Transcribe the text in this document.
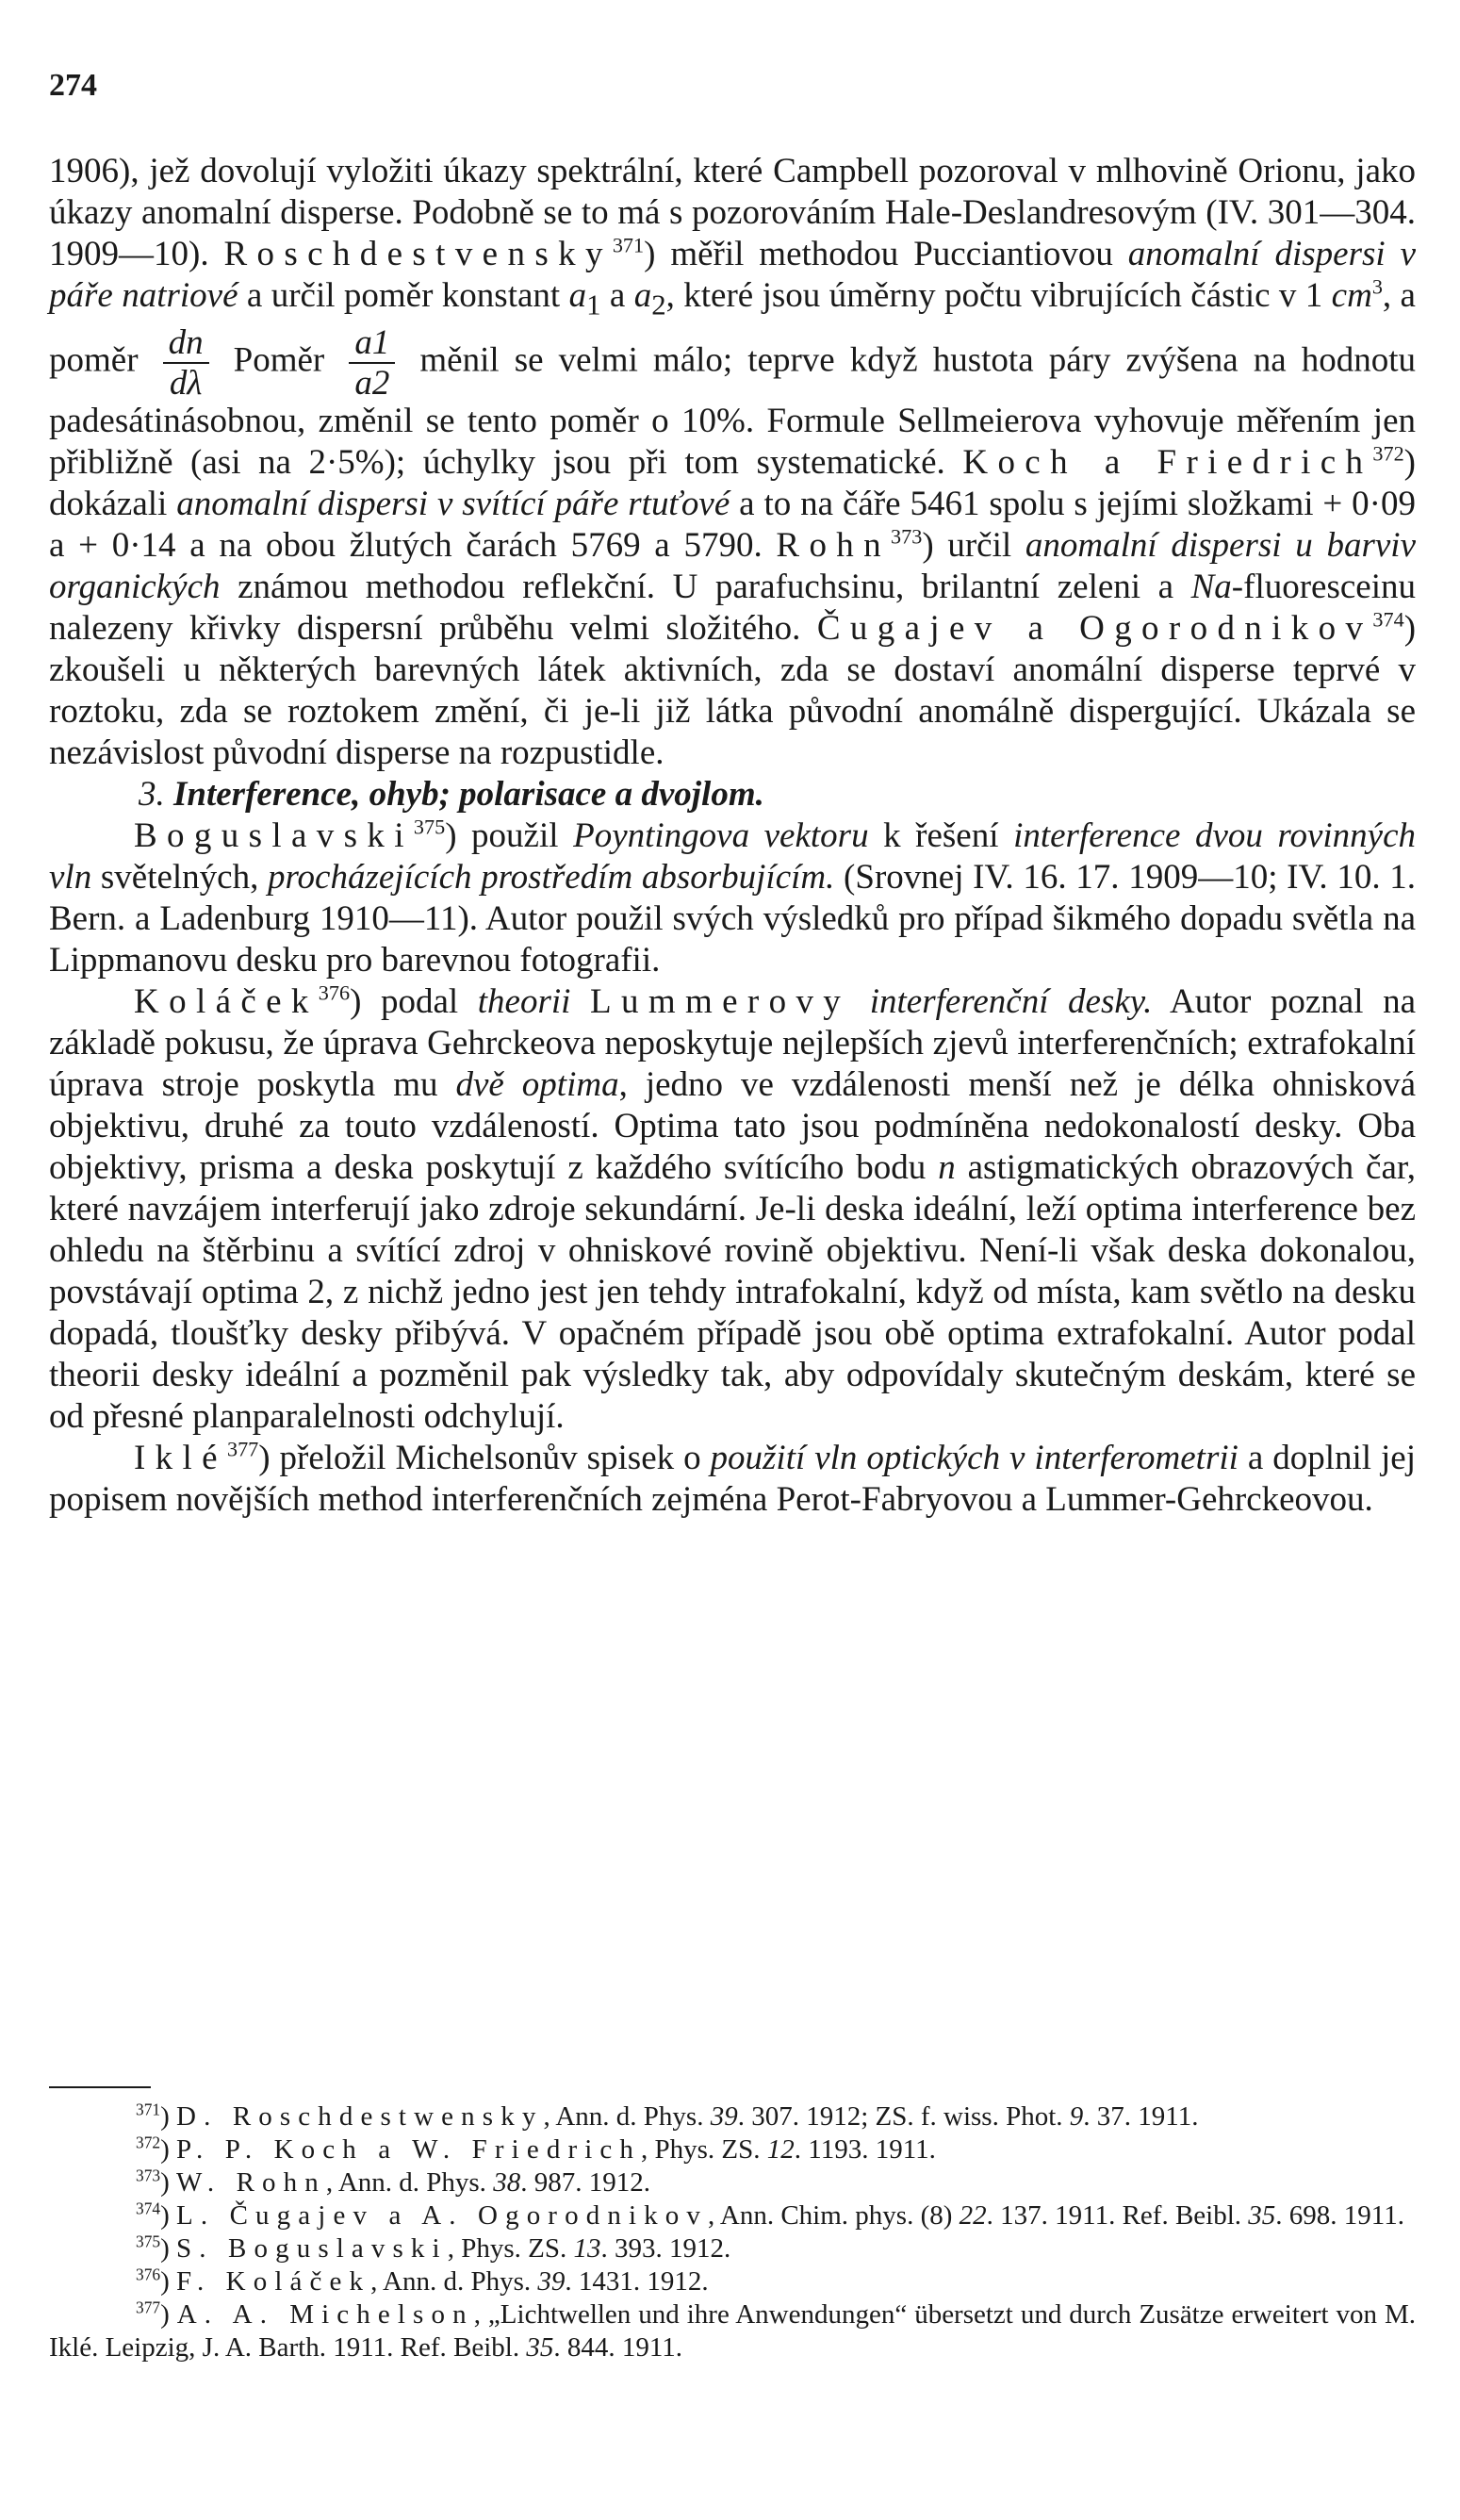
274

1906), jež dovolují vyložiti úkazy spektrální, které Campbell pozoroval v mlhovině Orionu, jako úkazy anomalní disperse. Podobně se to má s pozorováním Hale-Deslandresovým (IV. 301—304. 1909—10). Roschdestvensky$^{371}$) měřil methodou Pucciantiovou anomalní dispersi v páře natriové a určil poměr konstant $a_1$ a $a_2$, které jsou úměrny počtu vibrujících částic v 1 $cm^3$, a poměr $\frac{dn}{d\lambda}$ Poměr $\frac{a1}{a2}$ měnil se velmi málo; teprve když hustota páry zvýšena na hodnotu padesátinásobnou, změnil se tento poměr o 10%. Formule Sellmeierova vyhovuje měřením jen přibližně (asi na 2·5%); úchylky jsou při tom systematické. Koch a Friedrich$^{372}$) dokázali anomalní dispersi v svítící páře rtuťové a to na čáře 5461 spolu s jejími složkami + 0·09 a + 0·14 a na obou žlutých čarách 5769 a 5790. Rohn$^{373}$) určil anomalní dispersi u barviv organických známou methodou reflekční. U parafuchsinu, brilantní zeleni a Na-fluoresceinu nalezeny křivky dispersní průběhu velmi složitého. Čugajev a Ogorodnikov$^{374}$) zkoušeli u některých barevných látek aktivních, zda se dostaví anomální disperse teprvé v roztoku, zda se roztokem změní, či je-li již látka původní anomálně dispergující. Ukázala se nezávislost původní disperse na rozpustidle.

3. Interference, ohyb; polarisace a dvojlom.

Boguslavski$^{375}$) použil Poyntingova vektoru k řešení interference dvou rovinných vln světelných, procházejících prostředím absorbujícím. (Srovnej IV. 16. 17. 1909—10; IV. 10. 1. Bern. a Ladenburg 1910—11). Autor použil svých výsledků pro případ šikmého dopadu světla na Lippmanovu desku pro barevnou fotografii.

Koláček$^{376}$) podal theorii Lummerovy interferenční desky. Autor poznal na základě pokusu, že úprava Gehrckeova neposkytuje nejlepších zjevů interferenčních; extrafokalní úprava stroje poskytla mu dvě optima, jedno ve vzdálenosti menší než je délka ohnisková objektivu, druhé za touto vzdáleností. Optima tato jsou podmíněna nedokonalostí desky. Oba objektivy, prisma a deska poskytují z každého svítícího bodu n astigmatických obrazových čar, které navzájem interferují jako zdroje sekundární. Je-li deska ideální, leží optima interference bez ohledu na štěrbinu a svítící zdroj v ohniskové rovině objektivu. Není-li však deska dokonalou, povstávají optima 2, z nichž jedno jest jen tehdy intrafokalní, když od místa, kam světlo na desku dopadá, tloušťky desky přibývá. V opačném případě jsou obě optima extrafokalní. Autor podal theorii desky ideální a pozměnil pak výsledky tak, aby odpovídaly skutečným deskám, které se od přesné planparalelnosti odchylují.

Iklé$^{377}$) přeložil Michelsonův spisek o použití vln optických v interferometrii a doplnil jej popisem novějších method interferenčních zejména Perot-Fabryovou a Lummer-Gehrckeovou.

$^{371}$) D. Roschdestwensky, Ann. d. Phys. 39. 307. 1912; ZS. f. wiss. Phot. 9. 37. 1911.

$^{372}$) P. P. Koch a W. Friedrich, Phys. ZS. 12. 1193. 1911.

$^{373}$) W. Rohn, Ann. d. Phys. 38. 987. 1912.

$^{374}$) L. Čugajev a A. Ogorodnikov, Ann. Chim. phys. (8) 22. 137. 1911. Ref. Beibl. 35. 698. 1911.

$^{375}$) S. Boguslavski, Phys. ZS. 13. 393. 1912.

$^{376}$) F. Koláček, Ann. d. Phys. 39. 1431. 1912.

$^{377}$) A. A. Michelson, „Lichtwellen und ihre Anwendungen“ übersetzt und durch Zusätze erweitert von M. Iklé. Leipzig, J. A. Barth. 1911. Ref. Beibl. 35. 844. 1911.
